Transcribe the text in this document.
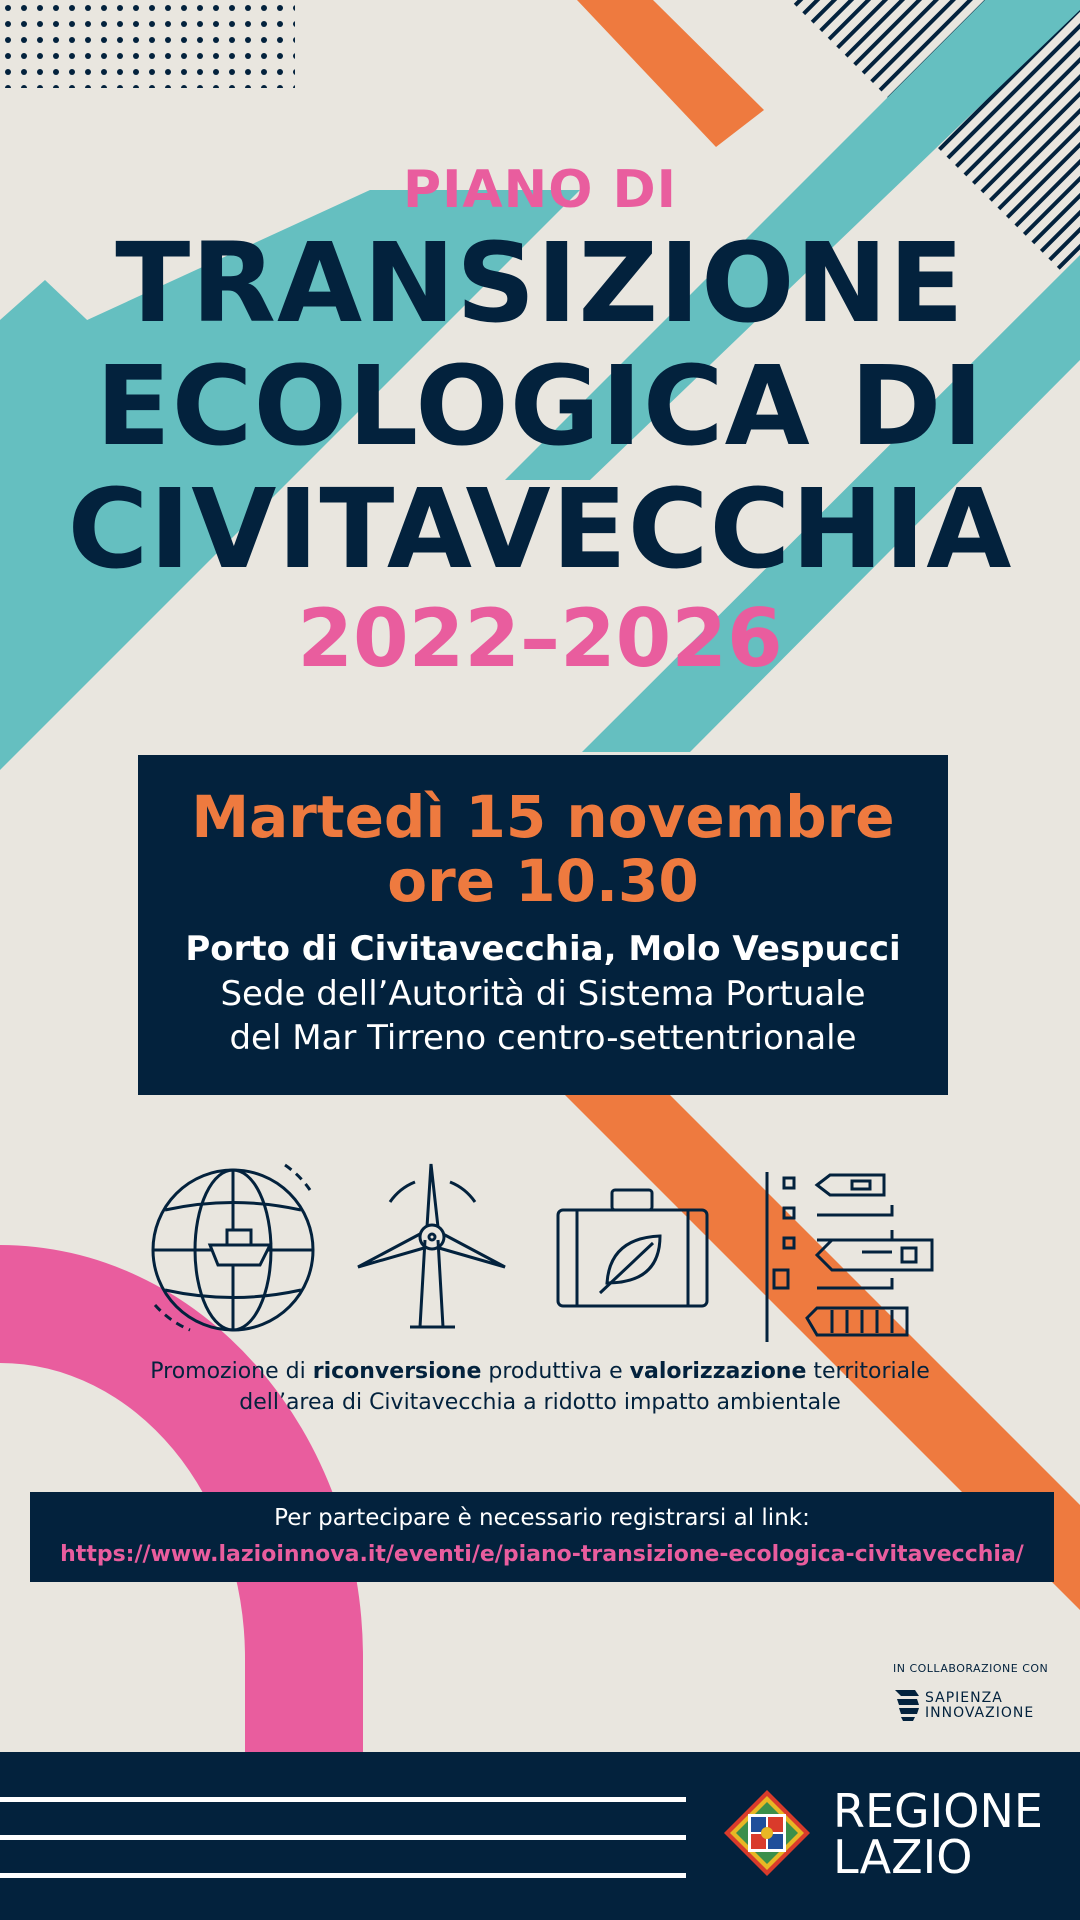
PIANO DI
TRANSIZIONE
ECOLOGICA DI
CIVITAVECCHIA
2022–2026
Martedì 15 novembre
ore 10.30
Porto di Civitavecchia, Molo Vespucci
Sede dell’Autorità di Sistema Portuale
del Mar Tirreno centro-settentrionale
Promozione di riconversione produttiva e valorizzazione territoriale
dell’area di Civitavecchia a ridotto impatto ambientale
Per partecipare è necessario registrarsi al link:
https://www.lazioinnova.it/eventi/e/piano-transizione-ecologica-civitavecchia/
IN COLLABORAZIONE CON
SAPIENZA
INNOVAZIONE
REGIONE
LAZIO
